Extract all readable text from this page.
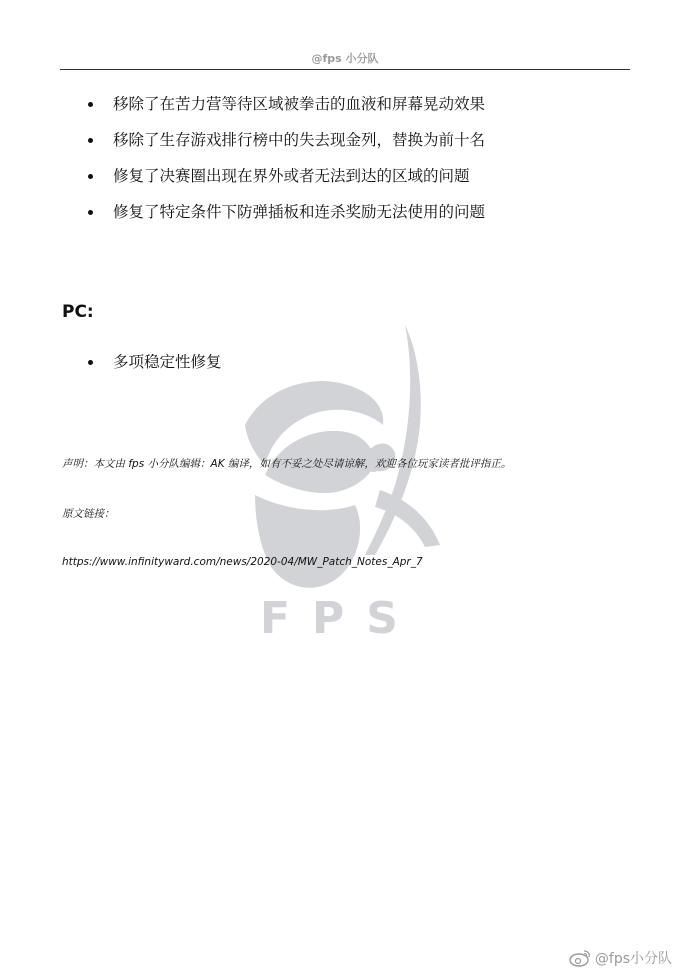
@fps 小分队
FPS
移除了在苦力营等待区域被拳击的血液和屏幕晃动效果
移除了生存游戏排行榜中的失去现金列，替换为前十名
修复了决赛圈出现在界外或者无法到达的区域的问题
修复了特定条件下防弹插板和连杀奖励无法使用的问题
PC:
多项稳定性修复
声明：本文由 fps 小分队编辑：AK 编译，如有不妥之处尽请谅解，欢迎各位玩家读者批评指正。
原文链接：
https://www.infinityward.com/news/2020-04/MW_Patch_Notes_Apr_7
@fps小分队
